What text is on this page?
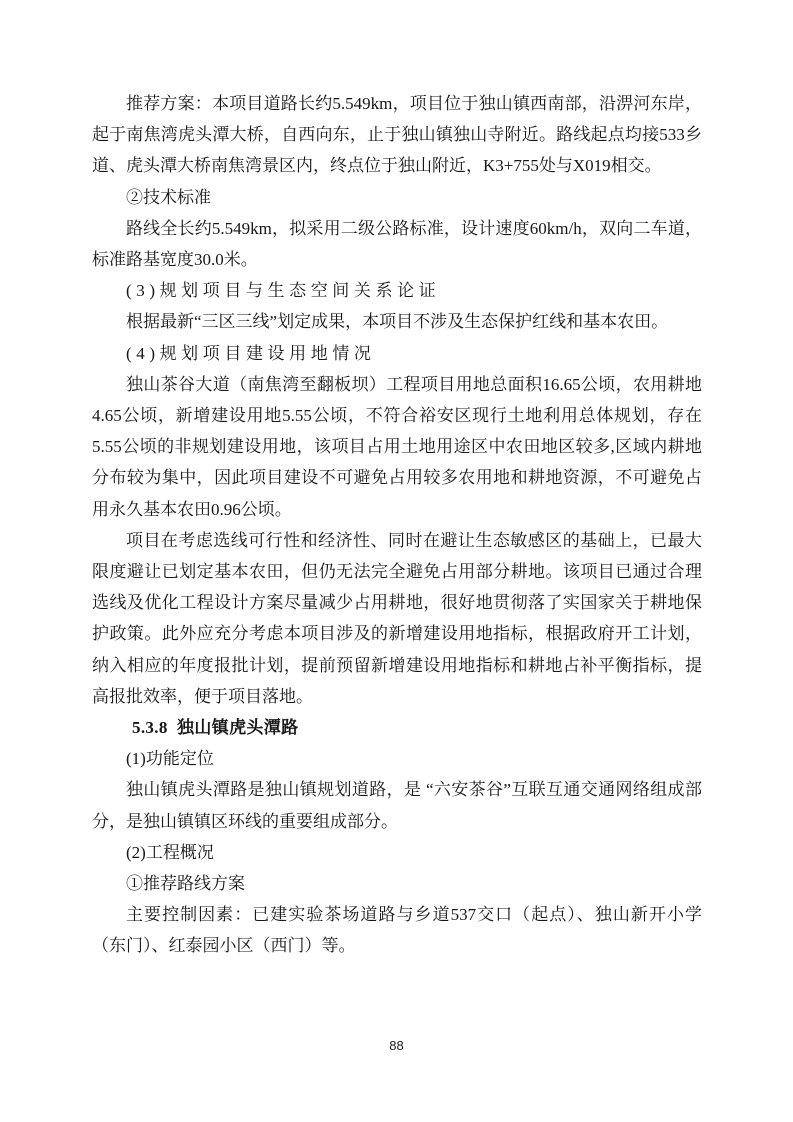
推荐方案：本项目道路长约5.549km，项目位于独山镇西南部，沿淠河东岸，起于南焦湾虎头潭大桥，自西向东，止于独山镇独山寺附近。路线起点均接533乡道、虎头潭大桥南焦湾景区内，终点位于独山附近，K3+755处与X019相交。

②技术标准

路线全长约5.549km，拟采用二级公路标准，设计速度60km/h，双向二车道，标准路基宽度30.0米。

(3)规划项目与生态空间关系论证

根据最新“三区三线”划定成果，本项目不涉及生态保护红线和基本农田。

(4)规划项目建设用地情况

独山茶谷大道（南焦湾至翻板坝）工程项目用地总面积16.65公顷，农用耕地4.65公顷，新增建设用地5.55公顷，不符合裕安区现行土地利用总体规划，存在5.55公顷的非规划建设用地，该项目占用土地用途区中农田地区较多,区域内耕地分布较为集中，因此项目建设不可避免占用较多农用地和耕地资源，不可避免占用永久基本农田0.96公顷。

项目在考虑选线可行性和经济性、同时在避让生态敏感区的基础上，已最大限度避让已划定基本农田，但仍无法完全避免占用部分耕地。该项目已通过合理选线及优化工程设计方案尽量减少占用耕地，很好地贯彻落了实国家关于耕地保护政策。此外应充分考虑本项目涉及的新增建设用地指标，根据政府开工计划，纳入相应的年度报批计划，提前预留新增建设用地指标和耕地占补平衡指标，提高报批效率，便于项目落地。

5.3.8 独山镇虎头潭路

(1)功能定位

独山镇虎头潭路是独山镇规划道路，是 “六安茶谷”互联互通交通网络组成部分，是独山镇镇区环线的重要组成部分。

(2)工程概况

①推荐路线方案

主要控制因素：已建实验茶场道路与乡道537交口（起点）、独山新开小学（东门）、红泰园小区（西门）等。

88
